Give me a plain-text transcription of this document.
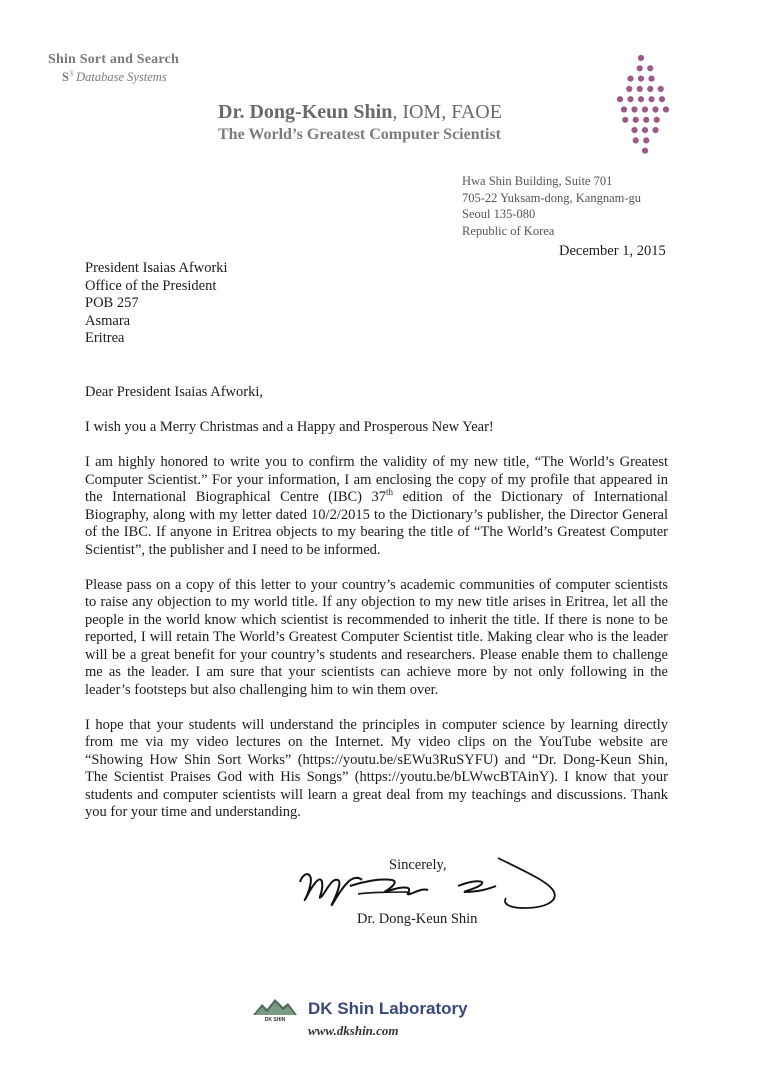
Shin Sort and Search
$S^3$ Database Systems
Dr. Dong-Keun Shin, IOM, FAOE
The World’s Greatest Computer Scientist
Hwa Shin Building, Suite 701
705-22 Yuksam-dong, Kangnam-gu
Seoul 135-080
Republic of Korea
December 1, 2015
President Isaias Afworki
Office of the President
POB 257
Asmara
Eritrea

Dear President Isaias Afworki,

I wish you a Merry Christmas and a Happy and Prosperous New Year!

I am highly honored to write you to confirm the validity of my new title, “The World’s Greatest Computer Scientist.” For your information, I am enclosing the copy of my profile that appeared in the International Biographical Centre (IBC) 37th edition of the Dictionary of International Biography, along with my letter dated 10/2/2015 to the Dictionary’s publisher, the Director General of the IBC. If anyone in Eritrea objects to my bearing the title of “The World’s Greatest Computer Scientist”, the publisher and I need to be informed.

Please pass on a copy of this letter to your country’s academic communities of computer scientists to raise any objection to my world title. If any objection to my new title arises in Eritrea, let all the people in the world know which scientist is recommended to inherit the title. If there is none to be reported, I will retain The World’s Greatest Computer Scientist title. Making clear who is the leader will be a great benefit for your country’s students and researchers. Please enable them to challenge me as the leader. I am sure that your scientists can achieve more by not only following in the leader’s footsteps but also challenging him to win them over.

I hope that your students will understand the principles in computer science by learning directly from me via my video lectures on the Internet. My video clips on the YouTube website are “Showing How Shin Sort Works” (https://youtu.be/sEWu3RuSYFU) and “Dr. Dong-Keun Shin, The Scientist Praises God with His Songs” (https://youtu.be/bLWwcBTAinY). I know that your students and computer scientists will learn a great deal from my teachings and discussions. Thank you for your time and understanding.

Sincerely,
Dr. Dong-Keun Shin
DK SHIN
DK Shin Laboratory
www.dkshin.com
